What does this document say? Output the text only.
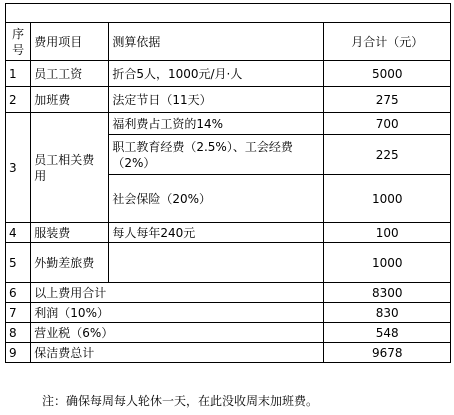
序号	费用项目	测算依据	月合计（元）
1	员工工资	折合5人，1000元/月·人	5000
2	加班费	法定节日（11天）	275
3	员工相关费用	福利费占工资的14%	700
		职工教育经费（2.5%）、工会经费（2%）	225
		社会保险（20%）	1000
4	服装费	每人每年240元	100
5	外勤差旅费		1000
6	以上费用合计		8300
7	利润（10%）		830
8	营业税（6%）		548
9	保洁费总计		9678
注：确保每周每人轮休一天，在此没收周末加班费。
